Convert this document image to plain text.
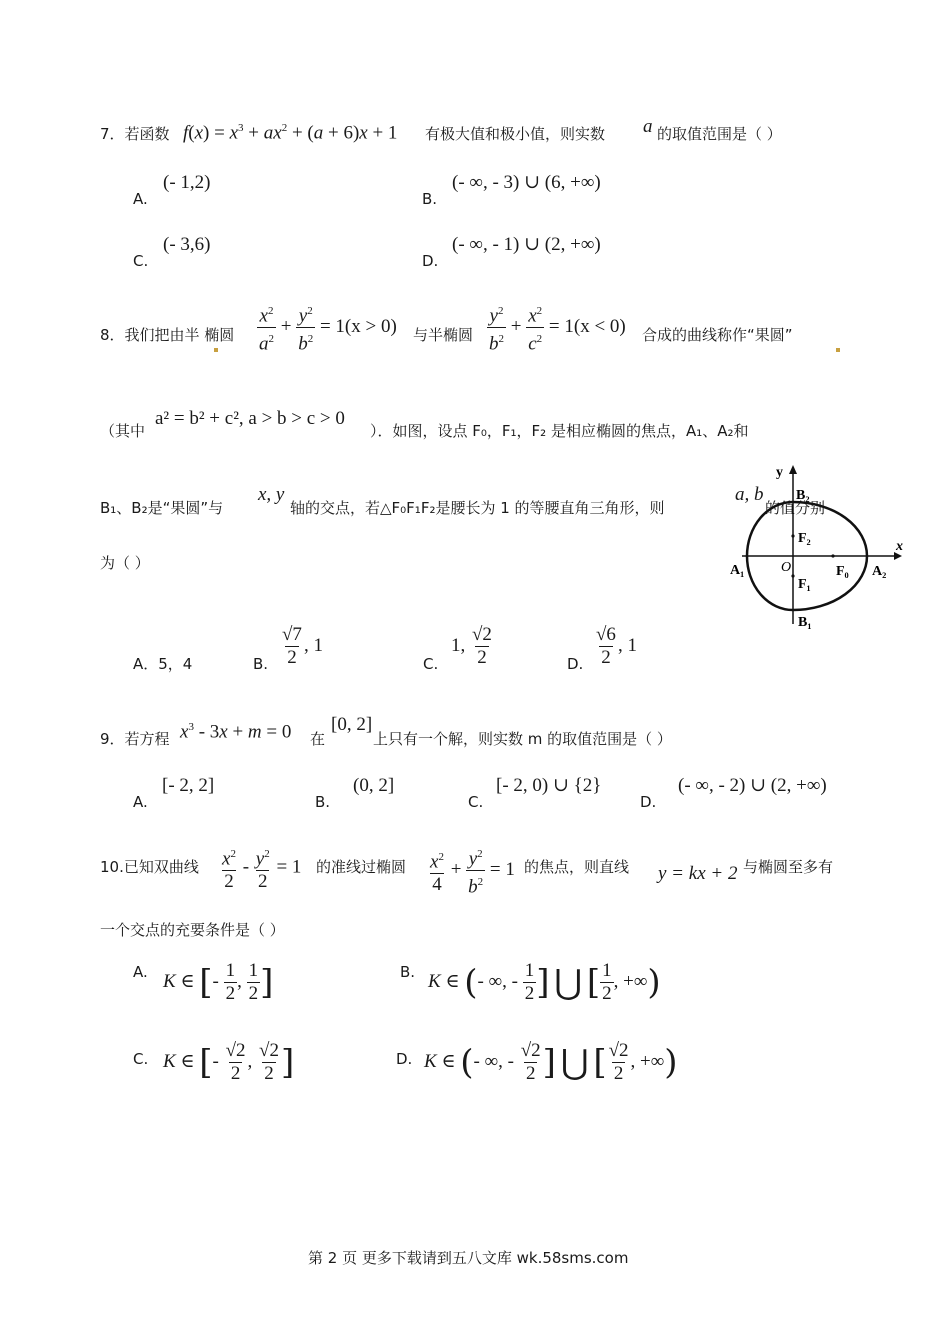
7．若函数 $f(x) = x^3 + ax^2 + (a + 6)x + 1$ 有极大值和极小值，则实数 a 的取值范围是（ ）
A.
(- 1,2)
B.
(- ∞, - 3) ∪ (6, +∞)
C.
(- 3,6)
D.
(- ∞, - 1) ∪ (2, +∞)
8．我们把由半 椭圆 $\frac{x^2}{a^2} + \frac{y^2}{b^2} = 1(x > 0)$ 与半椭圆 $\frac{y^2}{b^2} + \frac{x^2}{c^2} = 1(x < 0)$ 合成的曲线称作“果圆”
（其中
a² = b² + c², a > b > c > 0
）．如图，设点 F₀，F₁，F₂ 是相应椭圆的焦点，A₁、A₂和
B₁、B₂是“果圆”与
x, y
轴的交点，若△F₀F₁F₂是腰长为 1 的等腰直角三角形，则
a, b
的值分别
为（ ）
y
x
O
B₂
F₂
A₁
F₁
F₀ A₂
B₁
A．5，4	B. $\frac{√7}{2}$ , 1
C.
1, $\frac{√2}{2}$	D. $\frac{√6}{2}$ , 1
9．若方程 $x^3 - 3x + m = 0$ 在
[0, 2]
上只有一个解，则实数 m 的取值范围是（ ）
A.
[- 2, 2]
B.
(0, 2]
C.
[- 2, 0) ∪ {2}
D.
(- ∞, - 2) ∪ (2, +∞)
10.已知双曲线 $\frac{x^2}{2} - \frac{y^2}{2} = 1$ 的准线过椭圆 $\frac{x^2}{4} + \frac{y^2}{b^2} = 1$ 的焦点，则直线 y = kx + 2 与椭圆至多有
一个交点的充要条件是（ ）
A. K ∈ [- $\frac{1}{2}$ , $\frac{1}{2}$ ]	B. K ∈ (- ∞, - $\frac{1}{2}$ ] ⋃ [ $\frac{1}{2}$ , +∞)
C. K ∈ [- $\frac{√2}{2}$ , $\frac{√2}{2}$ ]	D. K ∈ (- ∞, - $\frac{√2}{2}$ ] ⋃ [ $\frac{√2}{2}$ , +∞)
第 2 页 更多下载请到五八文库 wk.58sms.com
